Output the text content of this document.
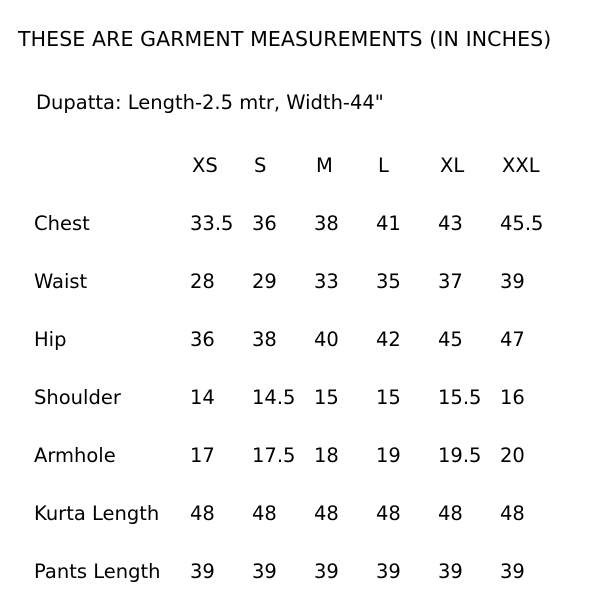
THESE ARE GARMENT MEASUREMENTS (IN INCHES)
Dupatta: Length-2.5 mtr, Width-44"

	XS	S	M	L	XL	XXL

Chest	33.5	36	38	41	43	45.5
Waist	28	29	33	35	37	39
Hip	36	38	40	42	45	47
Shoulder	14	14.5	15	15	15.5	16
Armhole	17	17.5	18	19	19.5	20
Kurta Length	48	48	48	48	48	48
Pants Length	39	39	39	39	39	39
